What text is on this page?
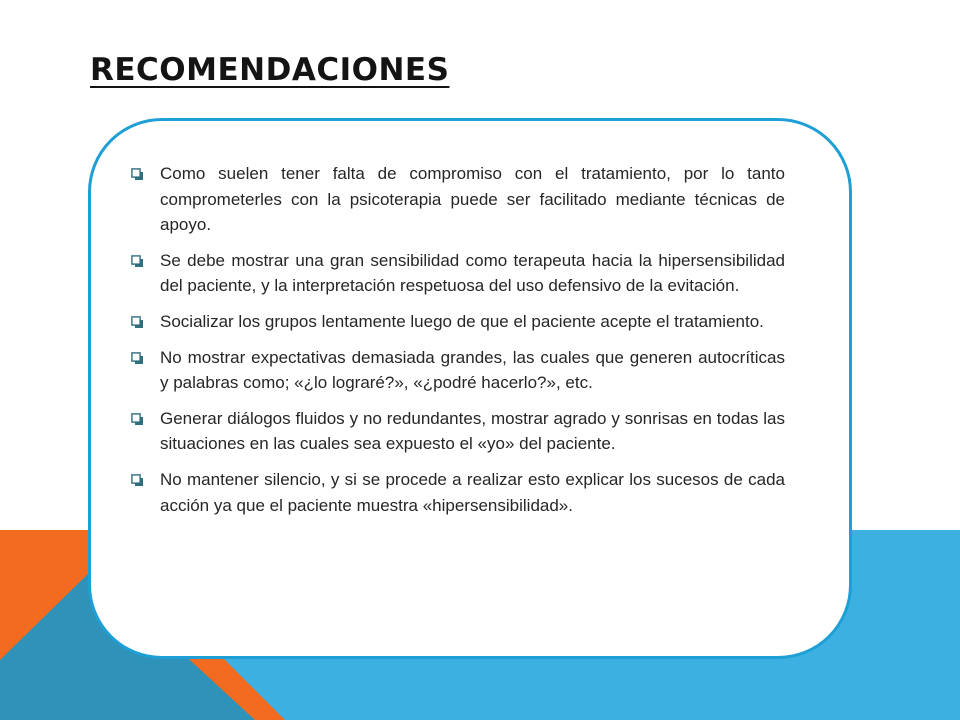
RECOMENDACIONES
Como suelen tener falta de compromiso con el tratamiento, por lo tanto comprometerles con la psicoterapia puede ser facilitado mediante técnicas de apoyo.
Se debe mostrar una gran sensibilidad como terapeuta hacia la hipersensibilidad del paciente, y la interpretación respetuosa del uso defensivo de la evitación.
Socializar los grupos lentamente luego de que el paciente acepte el tratamiento.
No mostrar expectativas demasiada grandes, las cuales que generen autocríticas y palabras como; «¿lo lograré?», «¿podré hacerlo?», etc.
Generar diálogos fluidos y no redundantes, mostrar agrado y sonrisas en todas las situaciones en las cuales sea expuesto el «yo» del paciente.
No mantener silencio, y si se procede a realizar esto explicar los sucesos de cada acción ya que el paciente muestra «hipersensibilidad».
